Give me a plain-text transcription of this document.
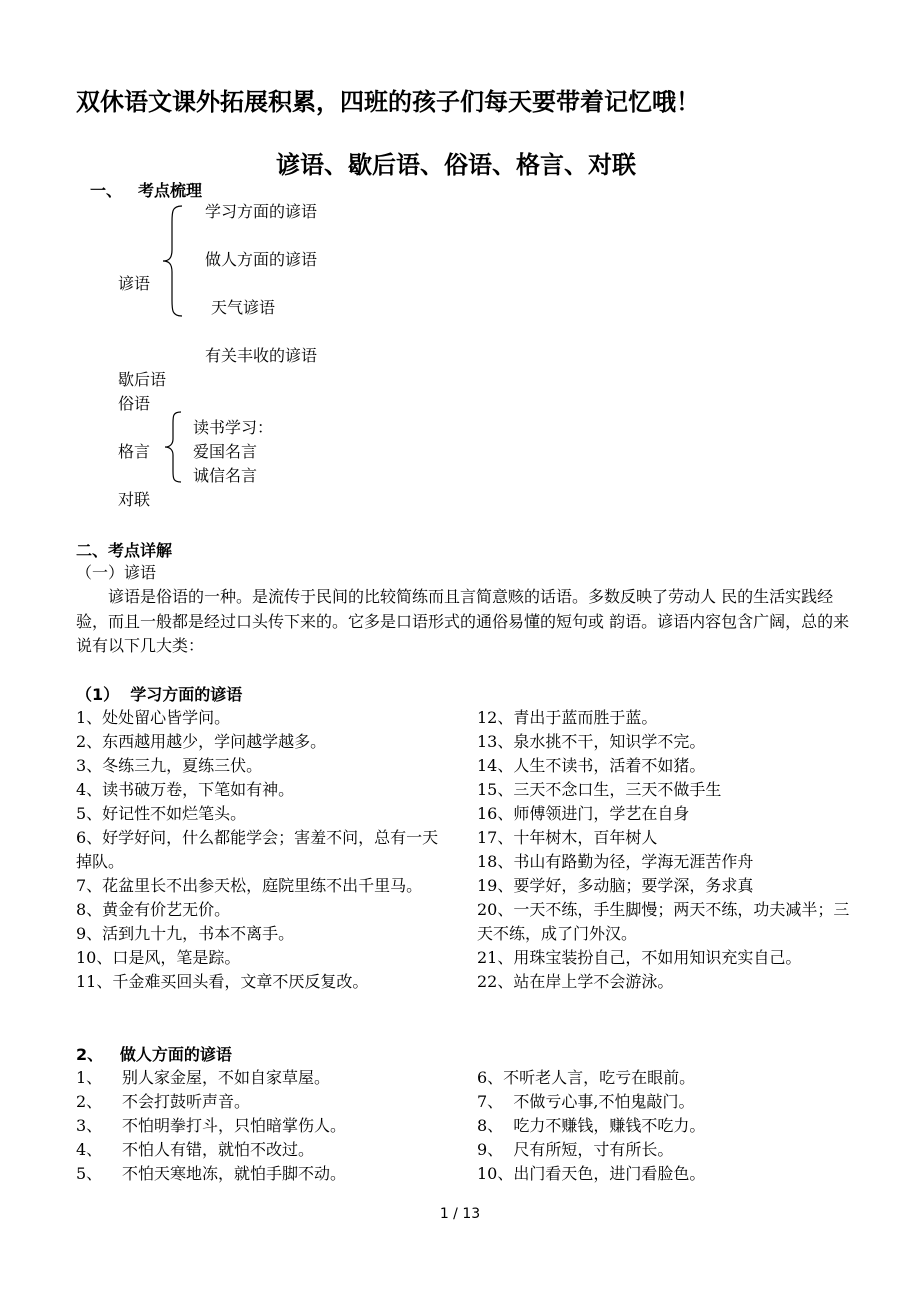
双休语文课外拓展积累，四班的孩子们每天要带着记忆哦！
谚语、歇后语、俗语、格言、对联
一、 考点梳理
谚语
学习方面的谚语
做人方面的谚语
天气谚语
有关丰收的谚语
歇后语
俗语
格言
读书学习：
爱国名言
诚信名言
对联
二、考点详解
（一）谚语
谚语是俗语的一种。是流传于民间的比较简练而且言简意赅的话语。多数反映了劳动人 民的生活实践经验，而且一般都是经过口头传下来的。它多是口语形式的通俗易懂的短句或 韵语。谚语内容包含广阔，总的来说有以下几大类：
（1）  学习方面的谚语
1、处处留心皆学问。
2、东西越用越少，学问越学越多。
3、冬练三九，夏练三伏。
4、读书破万卷，下笔如有神。
5、好记性不如烂笔头。
6、好学好问，什么都能学会；害羞不问，总有一天掉队。
7、花盆里长不出参天松，庭院里练不出千里马。
8、黄金有价艺无价。
9、活到九十九，书本不离手。
10、口是风，笔是踪。
11、千金难买回头看，文章不厌反复改。
12、青出于蓝而胜于蓝。
13、泉水挑不干，知识学不完。
14、人生不读书，活着不如猪。
15、三天不念口生，三天不做手生
16、师傅领进门，学艺在自身
17、十年树木，百年树人
18、书山有路勤为径，学海无涯苦作舟
19、要学好，多动脑；要学深，务求真
20、一天不练，手生脚慢；两天不练，功夫减半；三天不练，成了门外汉。
21、用珠宝装扮自己，不如用知识充实自己。
22、站在岸上学不会游泳。
2、   做人方面的谚语
1、 别人家金屋，不如自家草屋。
2、 不会打鼓听声音。
3、 不怕明拳打斗，只怕暗掌伤人。
4、 不怕人有错，就怕不改过。
5、 不怕天寒地冻，就怕手脚不动。
6、不听老人言，吃亏在眼前。
7、  不做亏心事,不怕鬼敲门。
8、  吃力不赚钱，赚钱不吃力。
9、  尺有所短，寸有所长。
10、出门看天色，进门看脸色。
1 / 13
